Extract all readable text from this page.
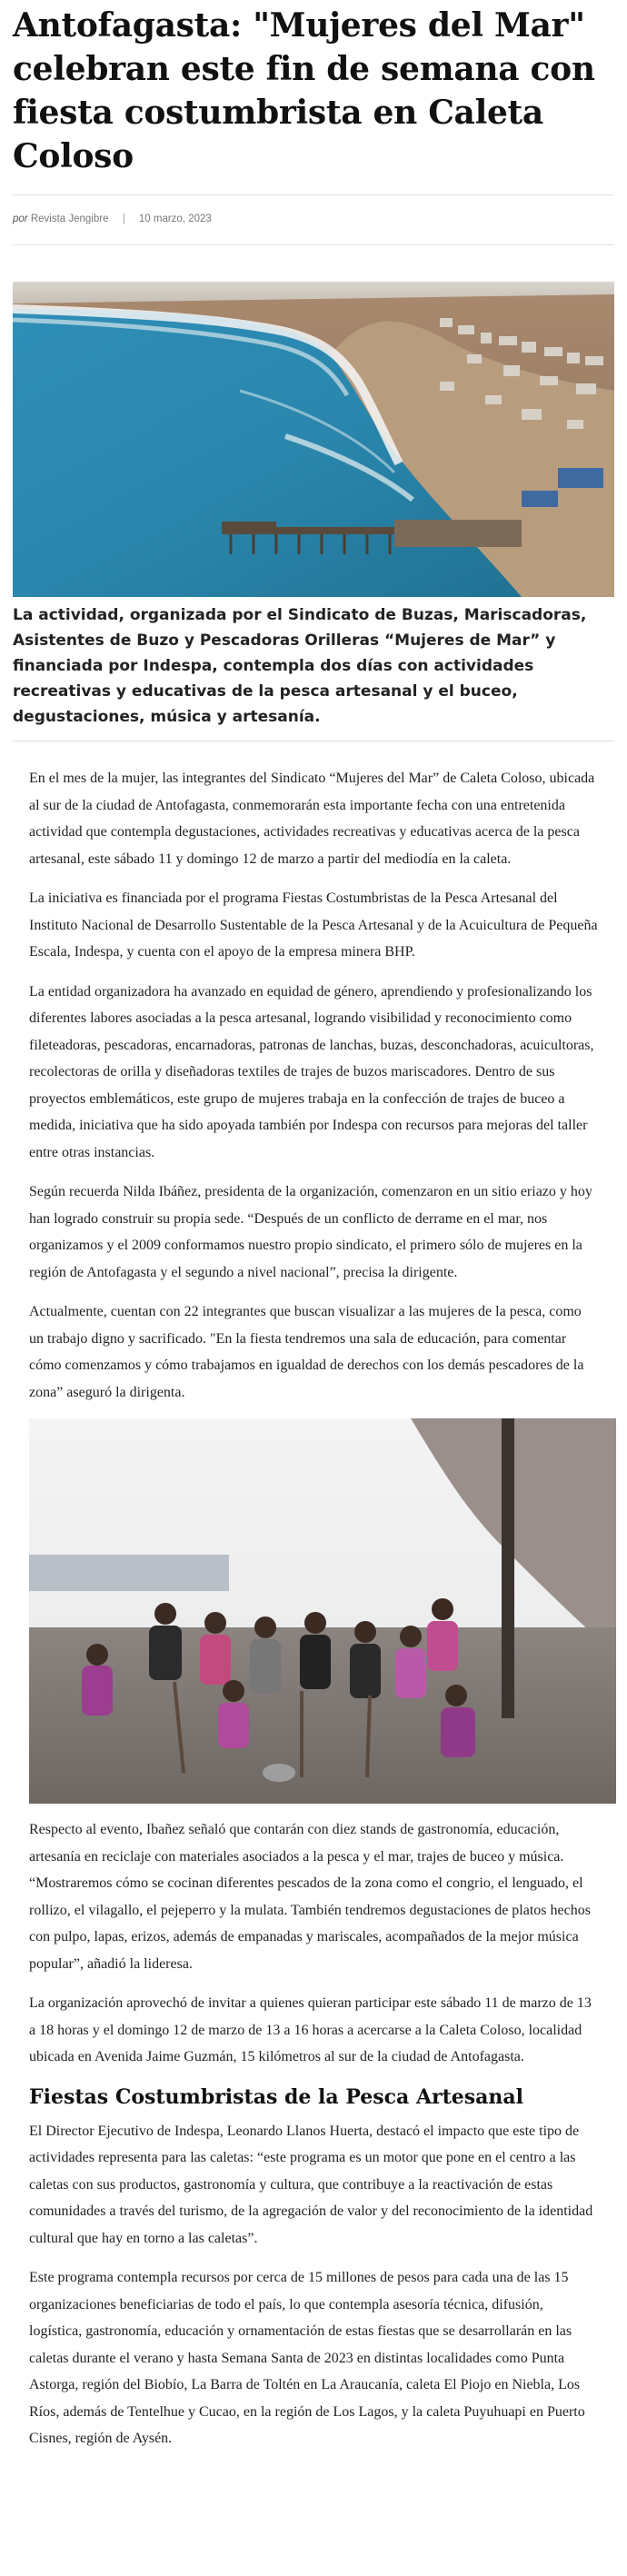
Antofagasta: "Mujeres del Mar" celebran este fin de semana con fiesta costumbrista en Caleta Coloso
por Revista Jengibre | 10 marzo, 2023

La actividad, organizada por el Sindicato de Buzas, Mariscadoras, Asistentes de Buzo y Pescadoras Orilleras “Mujeres de Mar” y financiada por Indespa, contempla dos días con actividades recreativas y educativas de la pesca artesanal y el buceo, degustaciones, música y artesanía.

En el mes de la mujer, las integrantes del Sindicato “Mujeres del Mar” de Caleta Coloso, ubicada al sur de la ciudad de Antofagasta, conmemorarán esta importante fecha con una entretenida actividad que contempla degustaciones, actividades recreativas y educativas acerca de la pesca artesanal, este sábado 11 y domingo 12 de marzo a partir del mediodía en la caleta.

La iniciativa es financiada por el programa Fiestas Costumbristas de la Pesca Artesanal del Instituto Nacional de Desarrollo Sustentable de la Pesca Artesanal y de la Acuicultura de Pequeña Escala, Indespa, y cuenta con el apoyo de la empresa minera BHP.

La entidad organizadora ha avanzado en equidad de género, aprendiendo y profesionalizando los diferentes labores asociadas a la pesca artesanal, logrando visibilidad y reconocimiento como fileteadoras, pescadoras, encarnadoras, patronas de lanchas, buzas, desconchadoras, acuicultoras, recolectoras de orilla y diseñadoras textiles de trajes de buzos mariscadores. Dentro de sus proyectos emblemáticos, este grupo de mujeres trabaja en la confección de trajes de buceo a medida, iniciativa que ha sido apoyada también por Indespa con recursos para mejoras del taller entre otras instancias.

Según recuerda Nilda Ibáñez, presidenta de la organización, comenzaron en un sitio eriazo y hoy han logrado construir su propia sede. “Después de un conflicto de derrame en el mar, nos organizamos y el 2009 conformamos nuestro propio sindicato, el primero sólo de mujeres en la región de Antofagasta y el segundo a nivel nacional”, precisa la dirigente.

Actualmente, cuentan con 22 integrantes que buscan visualizar a las mujeres de la pesca, como un trabajo digno y sacrificado. "En la fiesta tendremos una sala de educación, para comentar cómo comenzamos y cómo trabajamos en igualdad de derechos con los demás pescadores de la zona” aseguró la dirigenta.

Respecto al evento, Ibañez señaló que contarán con diez stands de gastronomía, educación, artesanía en reciclaje con materiales asociados a la pesca y el mar, trajes de buceo y música. “Mostraremos cómo se cocinan diferentes pescados de la zona como el congrio, el lenguado, el rollizo, el vilagallo, el pejeperro y la mulata. También tendremos degustaciones de platos hechos con pulpo, lapas, erizos, además de empanadas y mariscales, acompañados de la mejor música popular”, añadió la lideresa.

La organización aprovechó de invitar a quienes quieran participar este sábado 11 de marzo de 13 a 18 horas y el domingo 12 de marzo de 13 a 16 horas a acercarse a la Caleta Coloso, localidad ubicada en Avenida Jaime Guzmán, 15 kilómetros al sur de la ciudad de Antofagasta.

Fiestas Costumbristas de la Pesca Artesanal

El Director Ejecutivo de Indespa, Leonardo Llanos Huerta, destacó el impacto que este tipo de actividades representa para las caletas: “este programa es un motor que pone en el centro a las caletas con sus productos, gastronomía y cultura, que contribuye a la reactivación de estas comunidades a través del turismo, de la agregación de valor y del reconocimiento de la identidad cultural que hay en torno a las caletas”.

Este programa contempla recursos por cerca de 15 millones de pesos para cada una de las 15 organizaciones beneficiarias de todo el país, lo que contempla asesoría técnica, difusión, logística, gastronomía, educación y ornamentación de estas fiestas que se desarrollarán en las caletas durante el verano y hasta Semana Santa de 2023 en distintas localidades como Punta Astorga, región del Biobío, La Barra de Toltén en La Araucanía, caleta El Piojo en Niebla, Los Ríos, además de Tentelhue y Cucao, en la región de Los Lagos, y la caleta Puyuhuapi en Puerto Cisnes, región de Aysén.
